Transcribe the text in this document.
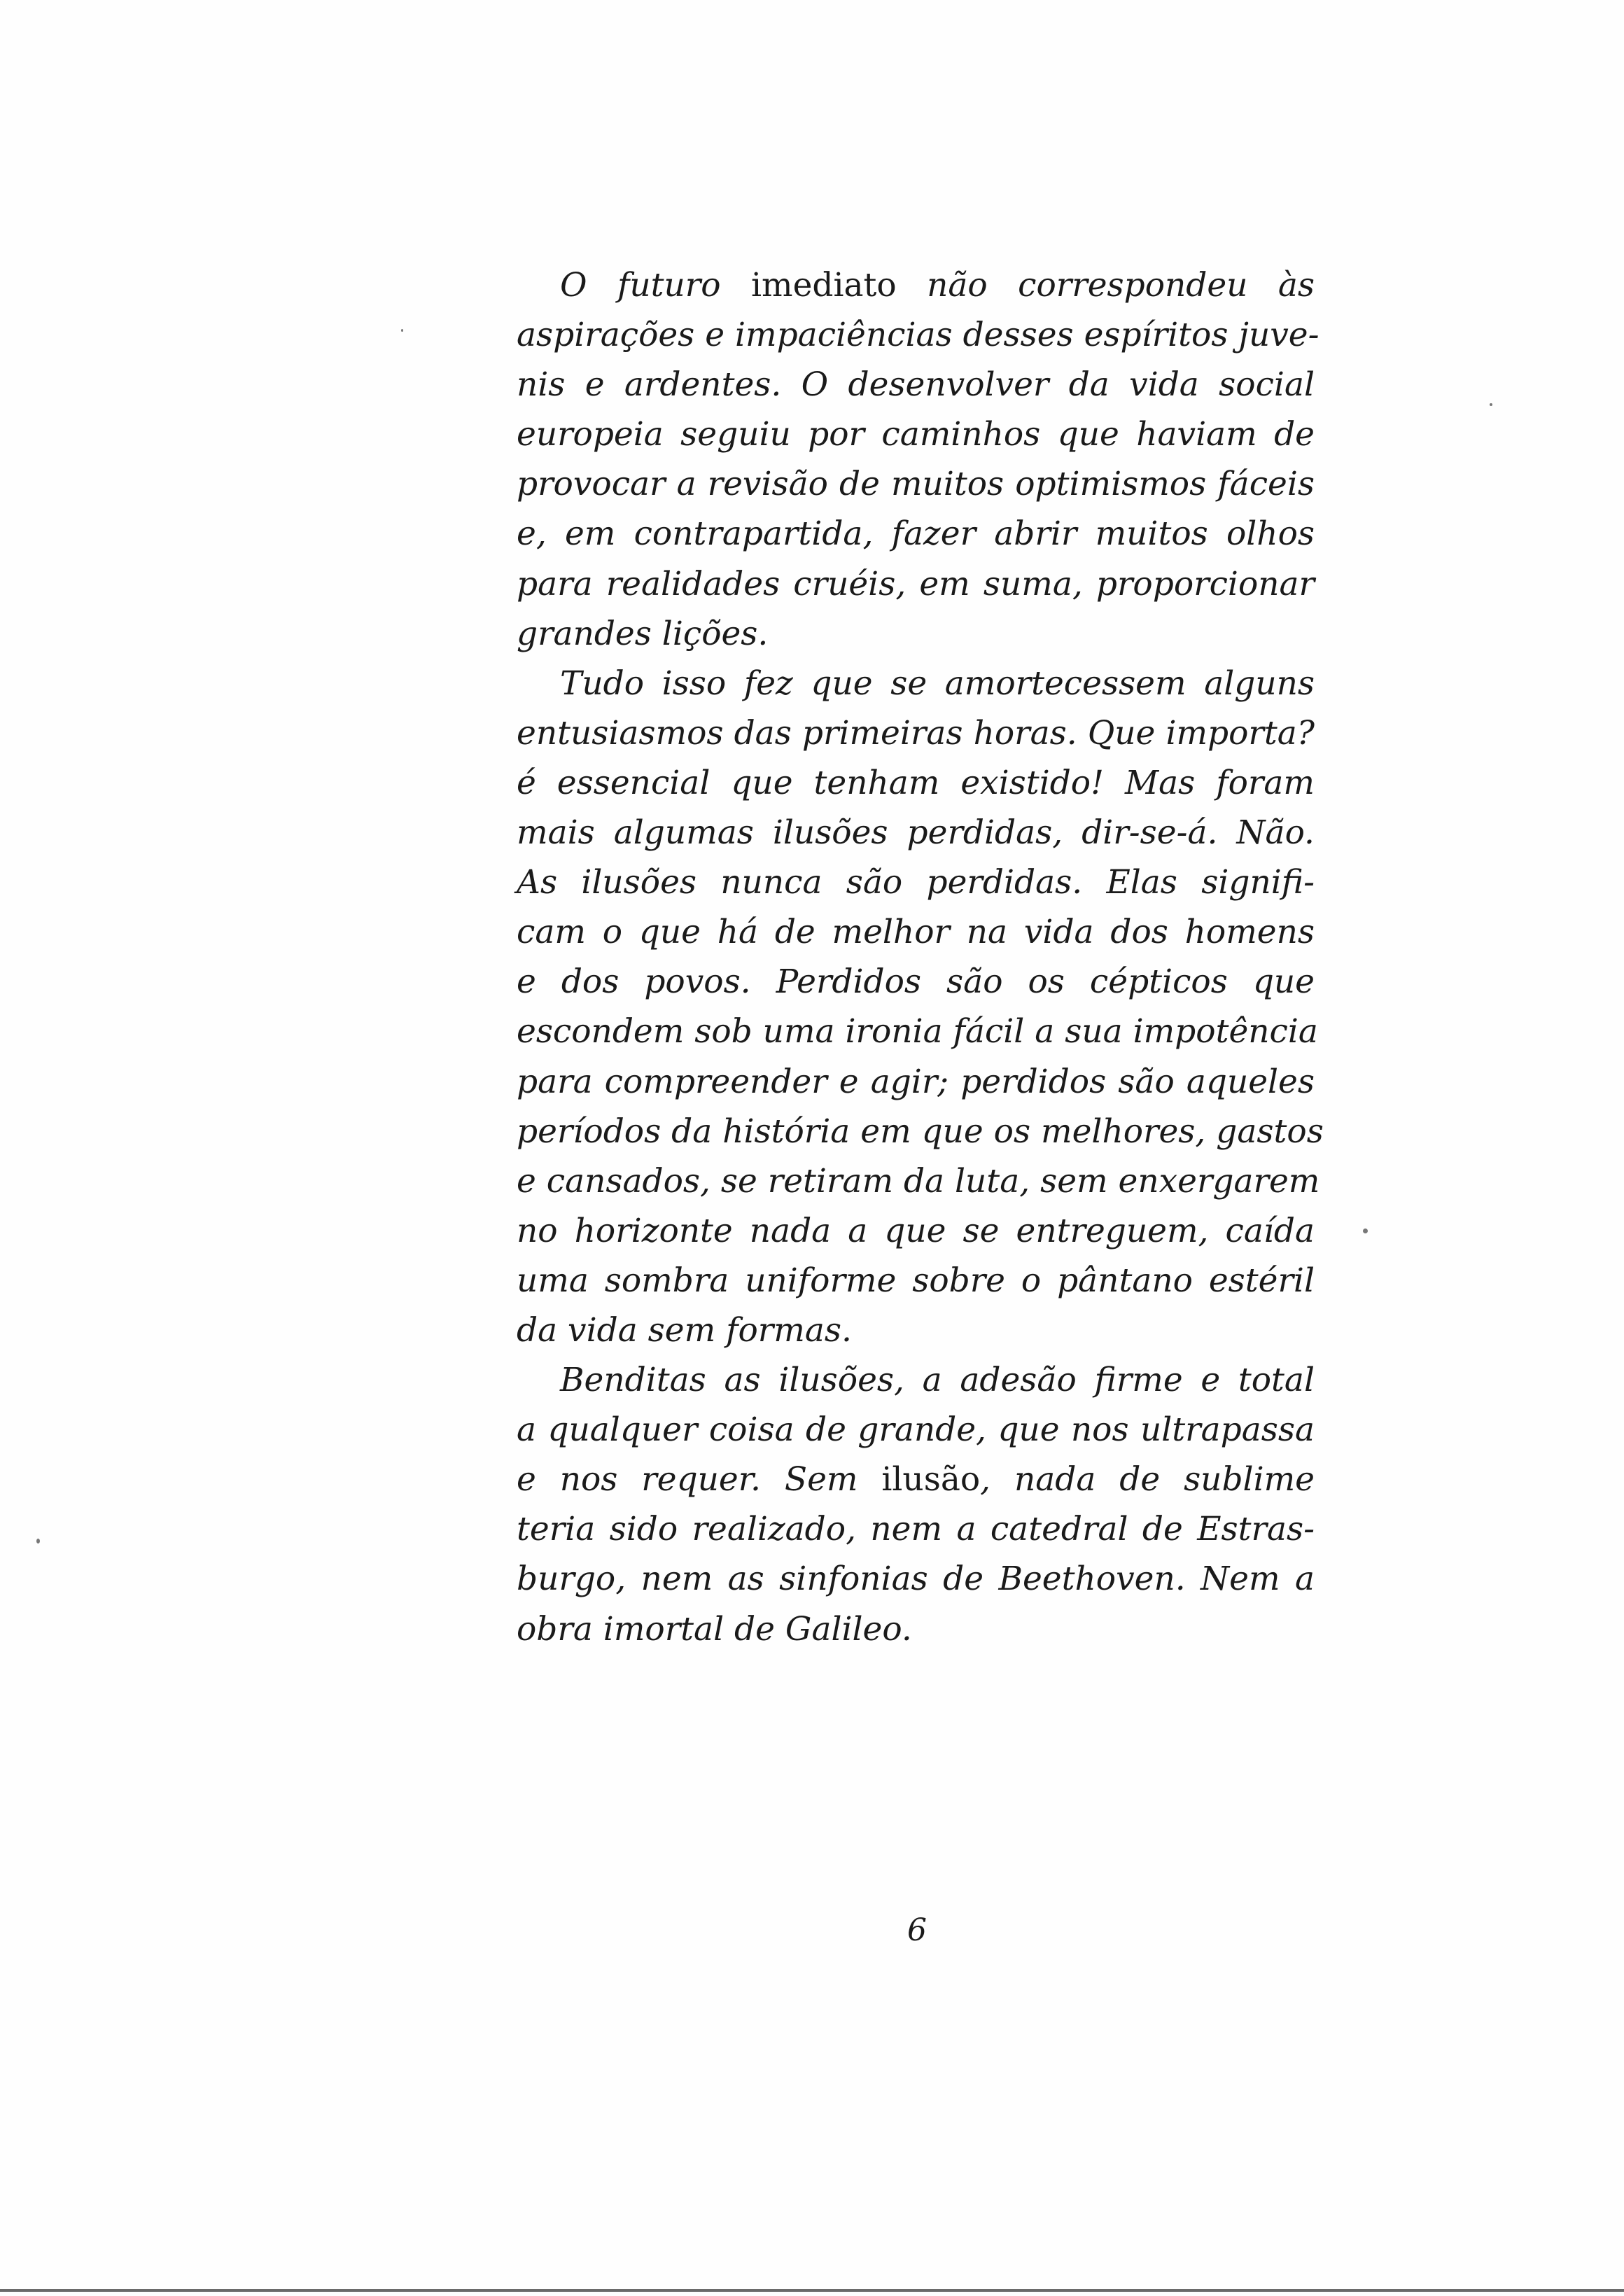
O futuro imediato não correspondeu às
aspirações e impaciências desses espíritos juve-
nis e ardentes. O desenvolver da vida social
europeia seguiu por caminhos que haviam de
provocar a revisão de muitos optimismos fáceis
e, em contrapartida, fazer abrir muitos olhos
para realidades cruéis, em suma, proporcionar
grandes lições.
Tudo isso fez que se amortecessem alguns
entusiasmos das primeiras horas. Que importa?
é essencial que tenham existido! Mas foram
mais algumas ilusões perdidas, dir-se-á. Não.
As ilusões nunca são perdidas. Elas signifi-
cam o que há de melhor na vida dos homens
e dos povos. Perdidos são os cépticos que
escondem sob uma ironia fácil a sua impotência
para compreender e agir; perdidos são aqueles
períodos da história em que os melhores, gastos
e cansados, se retiram da luta, sem enxergarem
no horizonte nada a que se entreguem, caída
uma sombra uniforme sobre o pântano estéril
da vida sem formas.
Benditas as ilusões, a adesão firme e total
a qualquer coisa de grande, que nos ultrapassa
e nos requer. Sem ilusão, nada de sublime
teria sido realizado, nem a catedral de Estras-
burgo, nem as sinfonias de Beethoven. Nem a
obra imortal de Galileo.
6
